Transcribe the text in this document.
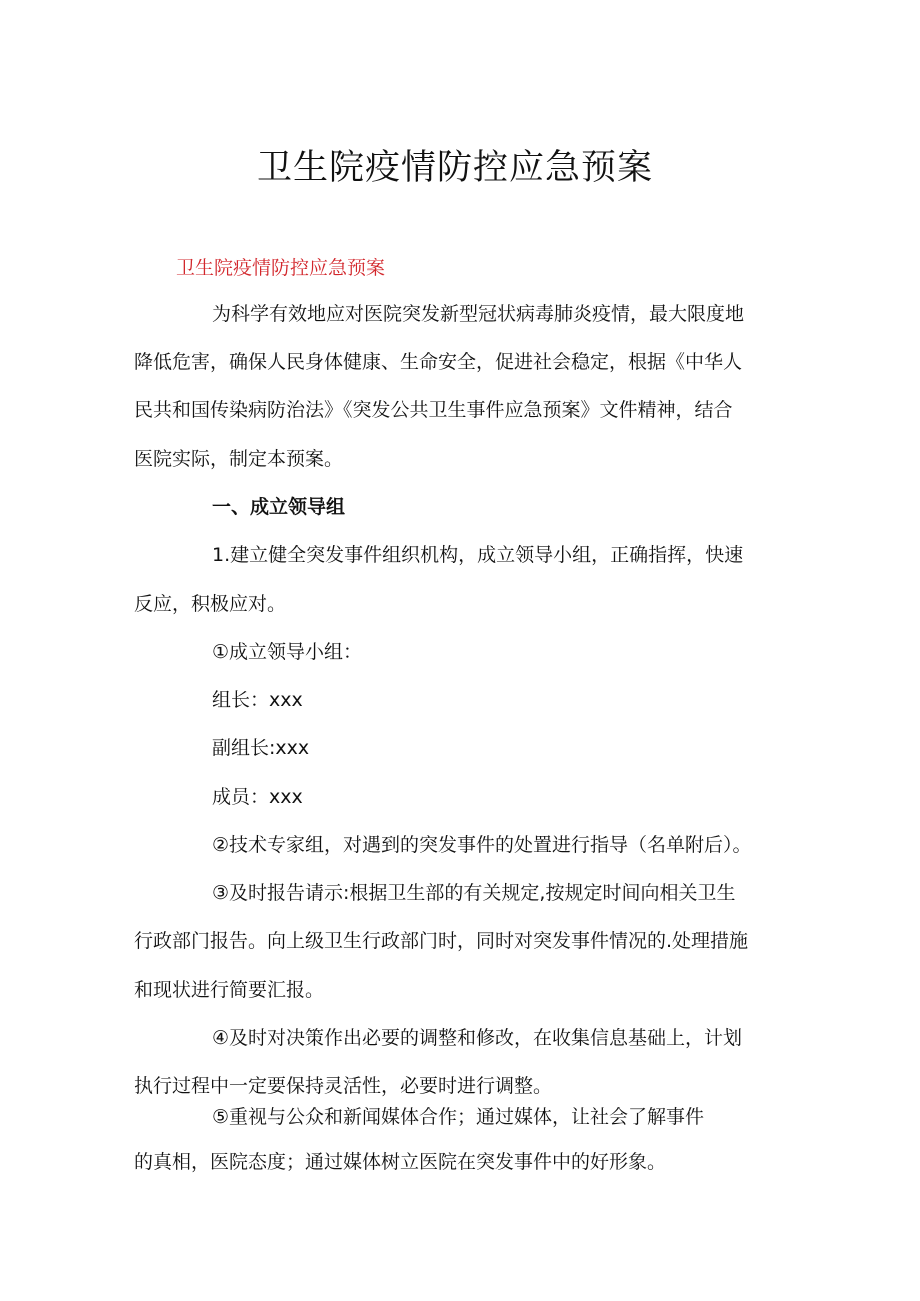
卫生院疫情防控应急预案

卫生院疫情防控应急预案

为科学有效地应对医院突发新型冠状病毒肺炎疫情，最大限度地

降低危害，确保人民身体健康、生命安全，促进社会稳定，根据《中华人

民共和国传染病防治法》《突发公共卫生事件应急预案》文件精神，结合

医院实际，制定本预案。

一、成立领导组

1.建立健全突发事件组织机构，成立领导小组，正确指挥，快速

反应，积极应对。

①成立领导小组：

组长：xxx

副组长:xxx

成员：xxx

②技术专家组，对遇到的突发事件的处置进行指导（名单附后）。

③及时报告请示:根据卫生部的有关规定,按规定时间向相关卫生

行政部门报告。向上级卫生行政部门时，同时对突发事件情况的.处理措施

和现状进行简要汇报。

④及时对决策作出必要的调整和修改，在收集信息基础上，计划

执行过程中一定要保持灵活性，必要时进行调整。

⑤重视与公众和新闻媒体合作；通过媒体，让社会了解事件

的真相，医院态度；通过媒体树立医院在突发事件中的好形象。
